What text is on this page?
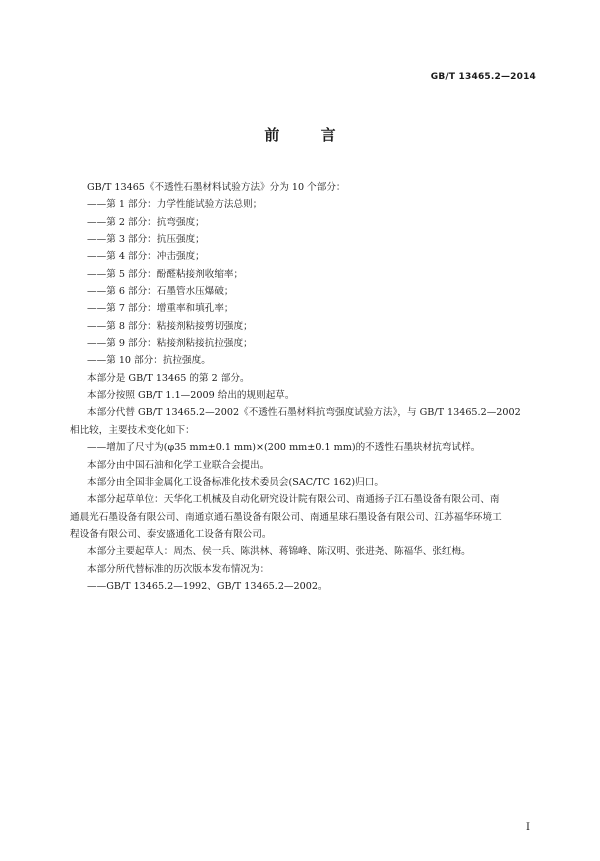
GB/T 13465.2—2014
前 言
GB/T 13465《不透性石墨材料试验方法》分为 10 个部分：
——第 1 部分：力学性能试验方法总则；
——第 2 部分：抗弯强度；
——第 3 部分：抗压强度；
——第 4 部分：冲击强度；
——第 5 部分：酚醛粘接剂收缩率；
——第 6 部分：石墨管水压爆破；
——第 7 部分：增重率和填孔率；
——第 8 部分：粘接剂粘接剪切强度；
——第 9 部分：粘接剂粘接抗拉强度；
——第 10 部分：抗拉强度。
本部分是 GB/T 13465 的第 2 部分。
本部分按照 GB/T 1.1—2009 给出的规则起草。
本部分代替 GB/T 13465.2—2002《不透性石墨材料抗弯强度试验方法》，与 GB/T 13465.2—2002
相比较，主要技术变化如下：
——增加了尺寸为(φ35 mm±0.1 mm)×(200 mm±0.1 mm)的不透性石墨块材抗弯试样。
本部分由中国石油和化学工业联合会提出。
本部分由全国非金属化工设备标准化技术委员会(SAC/TC 162)归口。
本部分起草单位：天华化工机械及自动化研究设计院有限公司、南通扬子江石墨设备有限公司、南
通晨光石墨设备有限公司、南通京通石墨设备有限公司、南通星球石墨设备有限公司、江苏福华环境工
程设备有限公司、泰安盛通化工设备有限公司。
本部分主要起草人：周杰、侯一兵、陈洪林、蒋锦峰、陈汉明、张进尧、陈福华、张红梅。
本部分所代替标准的历次版本发布情况为：
——GB/T 13465.2—1992、GB/T 13465.2—2002。
I
